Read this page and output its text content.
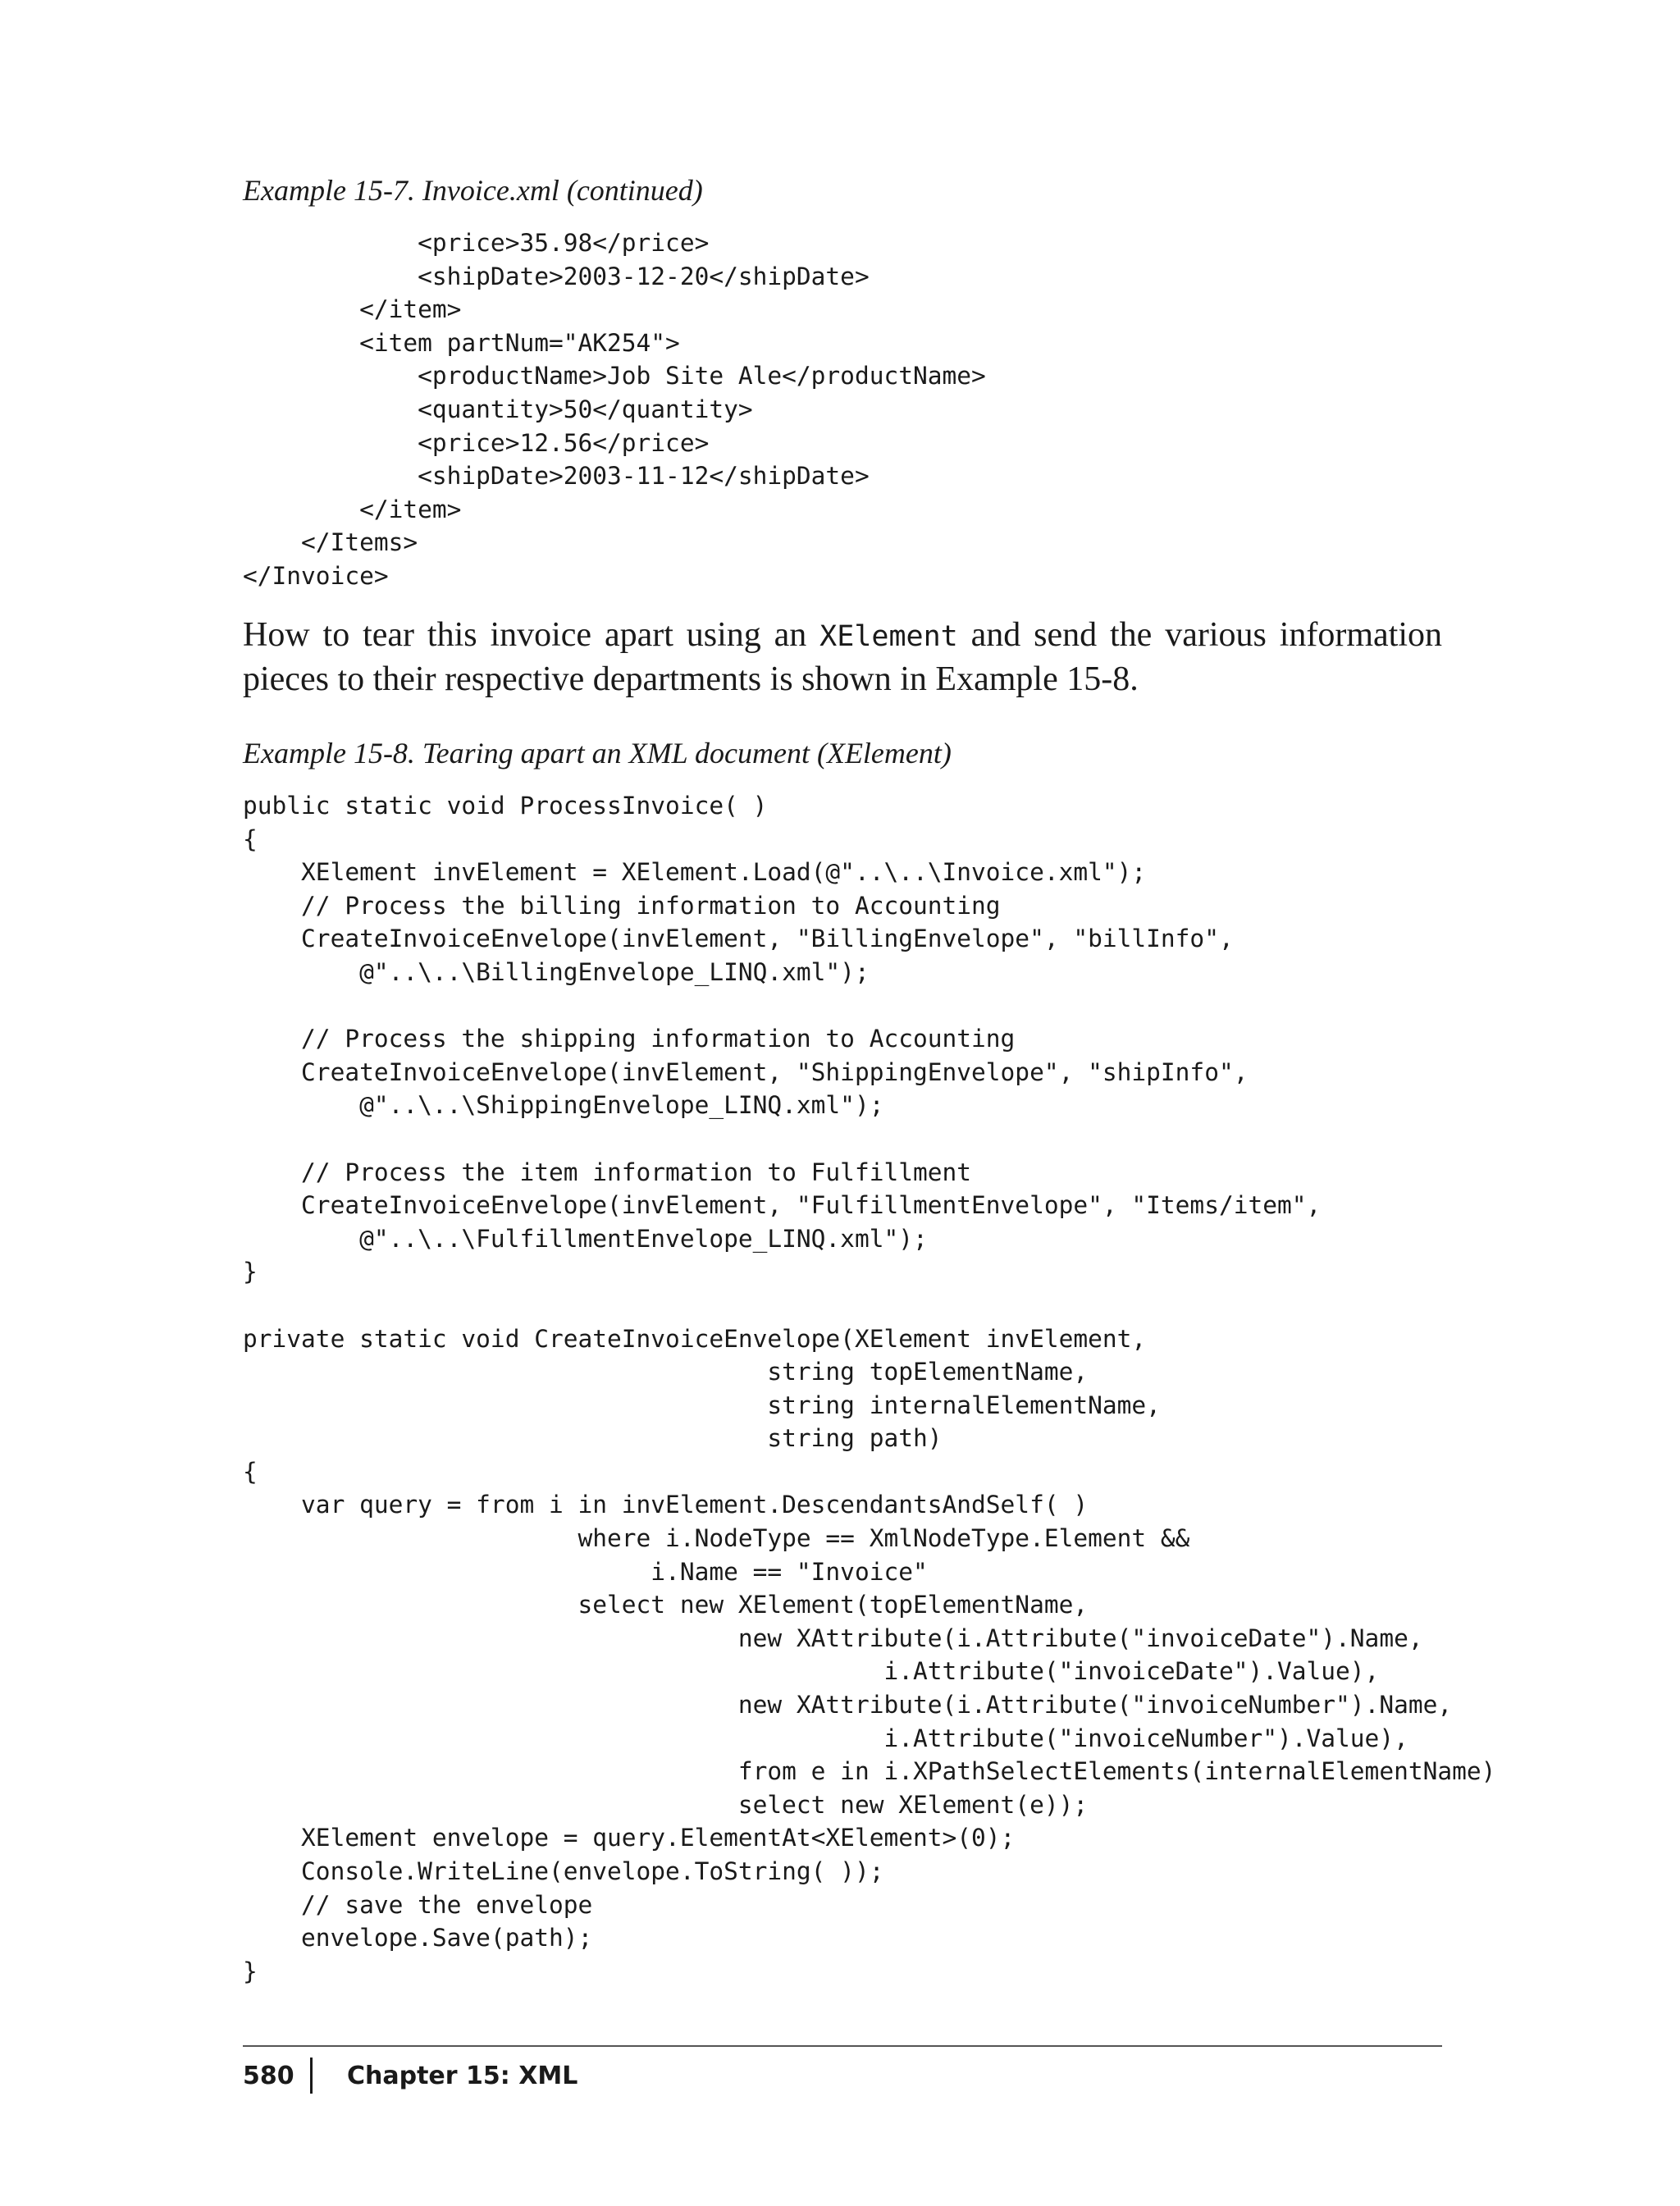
Example 15-7. Invoice.xml (continued)
<price>35.98</price>
<shipDate>2003-12-20</shipDate>
</item>
<item partNum="AK254">
<productName>Job Site Ale</productName>
<quantity>50</quantity>
<price>12.56</price>
<shipDate>2003-11-12</shipDate>
</item>
</Items>
</Invoice>

How to tear this invoice apart using an XElement and send the various information pieces to their respective departments is shown in Example 15-8.

Example 15-8. Tearing apart an XML document (XElement)
public static void ProcessInvoice( )
{
XElement invElement = XElement.Load(@"..\..\Invoice.xml");
// Process the billing information to Accounting
CreateInvoiceEnvelope(invElement, "BillingEnvelope", "billInfo",
@"..\..\BillingEnvelope_LINQ.xml");

// Process the shipping information to Accounting
CreateInvoiceEnvelope(invElement, "ShippingEnvelope", "shipInfo",
@"..\..\ShippingEnvelope_LINQ.xml");

// Process the item information to Fulfillment
CreateInvoiceEnvelope(invElement, "FulfillmentEnvelope", "Items/item",
@"..\..\FulfillmentEnvelope_LINQ.xml");
}

private static void CreateInvoiceEnvelope(XElement invElement,
string topElementName,
string internalElementName,
string path)
{
var query = from i in invElement.DescendantsAndSelf( )
where i.NodeType == XmlNodeType.Element &&
i.Name == "Invoice"
select new XElement(topElementName,
new XAttribute(i.Attribute("invoiceDate").Name,
i.Attribute("invoiceDate").Value),
new XAttribute(i.Attribute("invoiceNumber").Name,
i.Attribute("invoiceNumber").Value),
from e in i.XPathSelectElements(internalElementName)
select new XElement(e));
XElement envelope = query.ElementAt<XElement>(0);
Console.WriteLine(envelope.ToString( ));
// save the envelope
envelope.Save(path);
}
580 Chapter 15: XML
